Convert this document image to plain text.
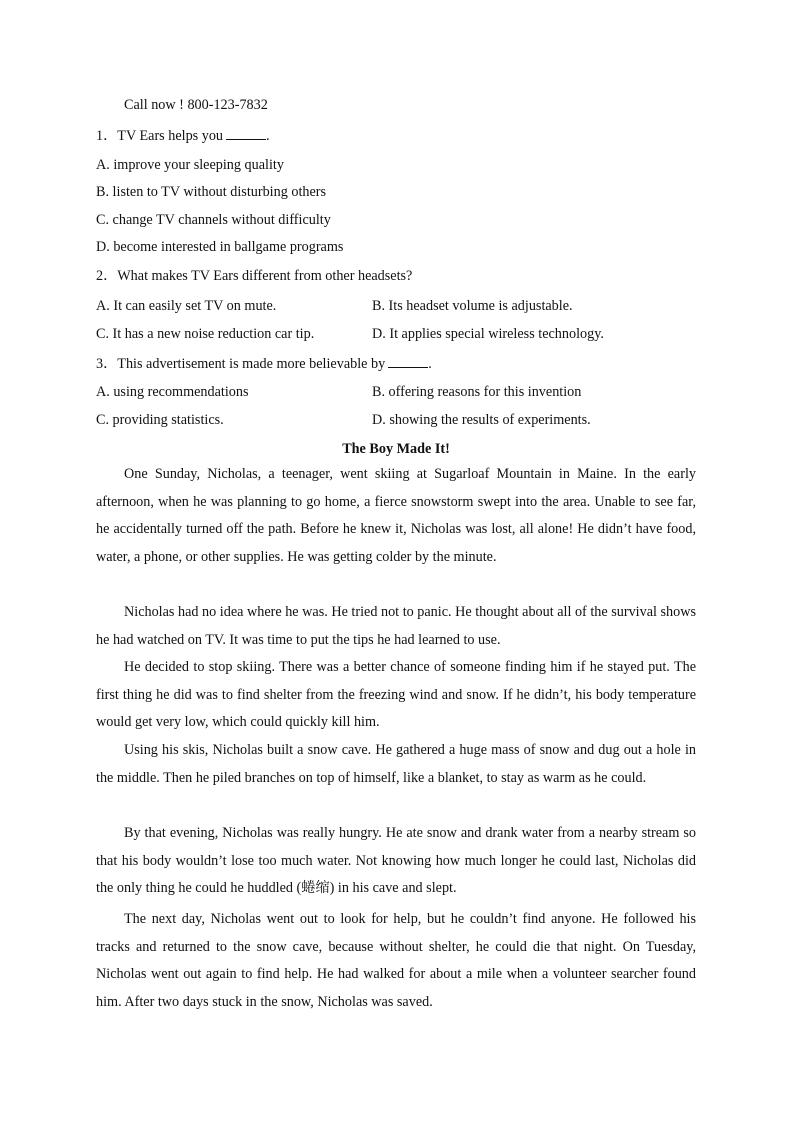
Call now ! 800-123-7832
1．TV Ears helps you	.
A. improve your sleeping quality
B. listen to TV without disturbing others
C. change TV channels without difficulty
D. become interested in ballgame programs
2．What makes TV Ears different from other headsets?
A. It can easily set TV on mute.	B. Its headset volume is adjustable.
C. It has a new noise reduction car tip.	D. It applies special wireless technology.
3．This advertisement is made more believable by	.
A. using recommendations	B. offering reasons for this invention
C. providing statistics.	D. showing the results of experiments.
The Boy Made It!

One Sunday, Nicholas, a teenager, went skiing at Sugarloaf Mountain in Maine. In the early afternoon, when he was planning to go home, a fierce snowstorm swept into the area. Unable to see far, he accidentally turned off the path. Before he knew it, Nicholas was lost, all alone! He didn’t have food, water, a phone, or other supplies. He was getting colder by the minute.

Nicholas had no idea where he was. He tried not to panic. He thought about all of the survival shows he had watched on TV. It was time to put the tips he had learned to use.

He decided to stop skiing. There was a better chance of someone finding him if he stayed put. The first thing he did was to find shelter from the freezing wind and snow. If he didn’t, his body temperature would get very low, which could quickly kill him.

Using his skis, Nicholas built a snow cave. He gathered a huge mass of snow and dug out a hole in the middle. Then he piled branches on top of himself, like a blanket, to stay as warm as he could.

By that evening, Nicholas was really hungry. He ate snow and drank water from a nearby stream so that his body wouldn’t lose too much water. Not knowing how much longer he could last, Nicholas did the only thing he could he huddled (蜷缩) in his cave and slept.

The next day, Nicholas went out to look for help, but he couldn’t find anyone. He followed his tracks and returned to the snow cave, because without shelter, he could die that night. On Tuesday, Nicholas went out again to find help. He had walked for about a mile when a volunteer searcher found him. After two days stuck in the snow, Nicholas was saved.
